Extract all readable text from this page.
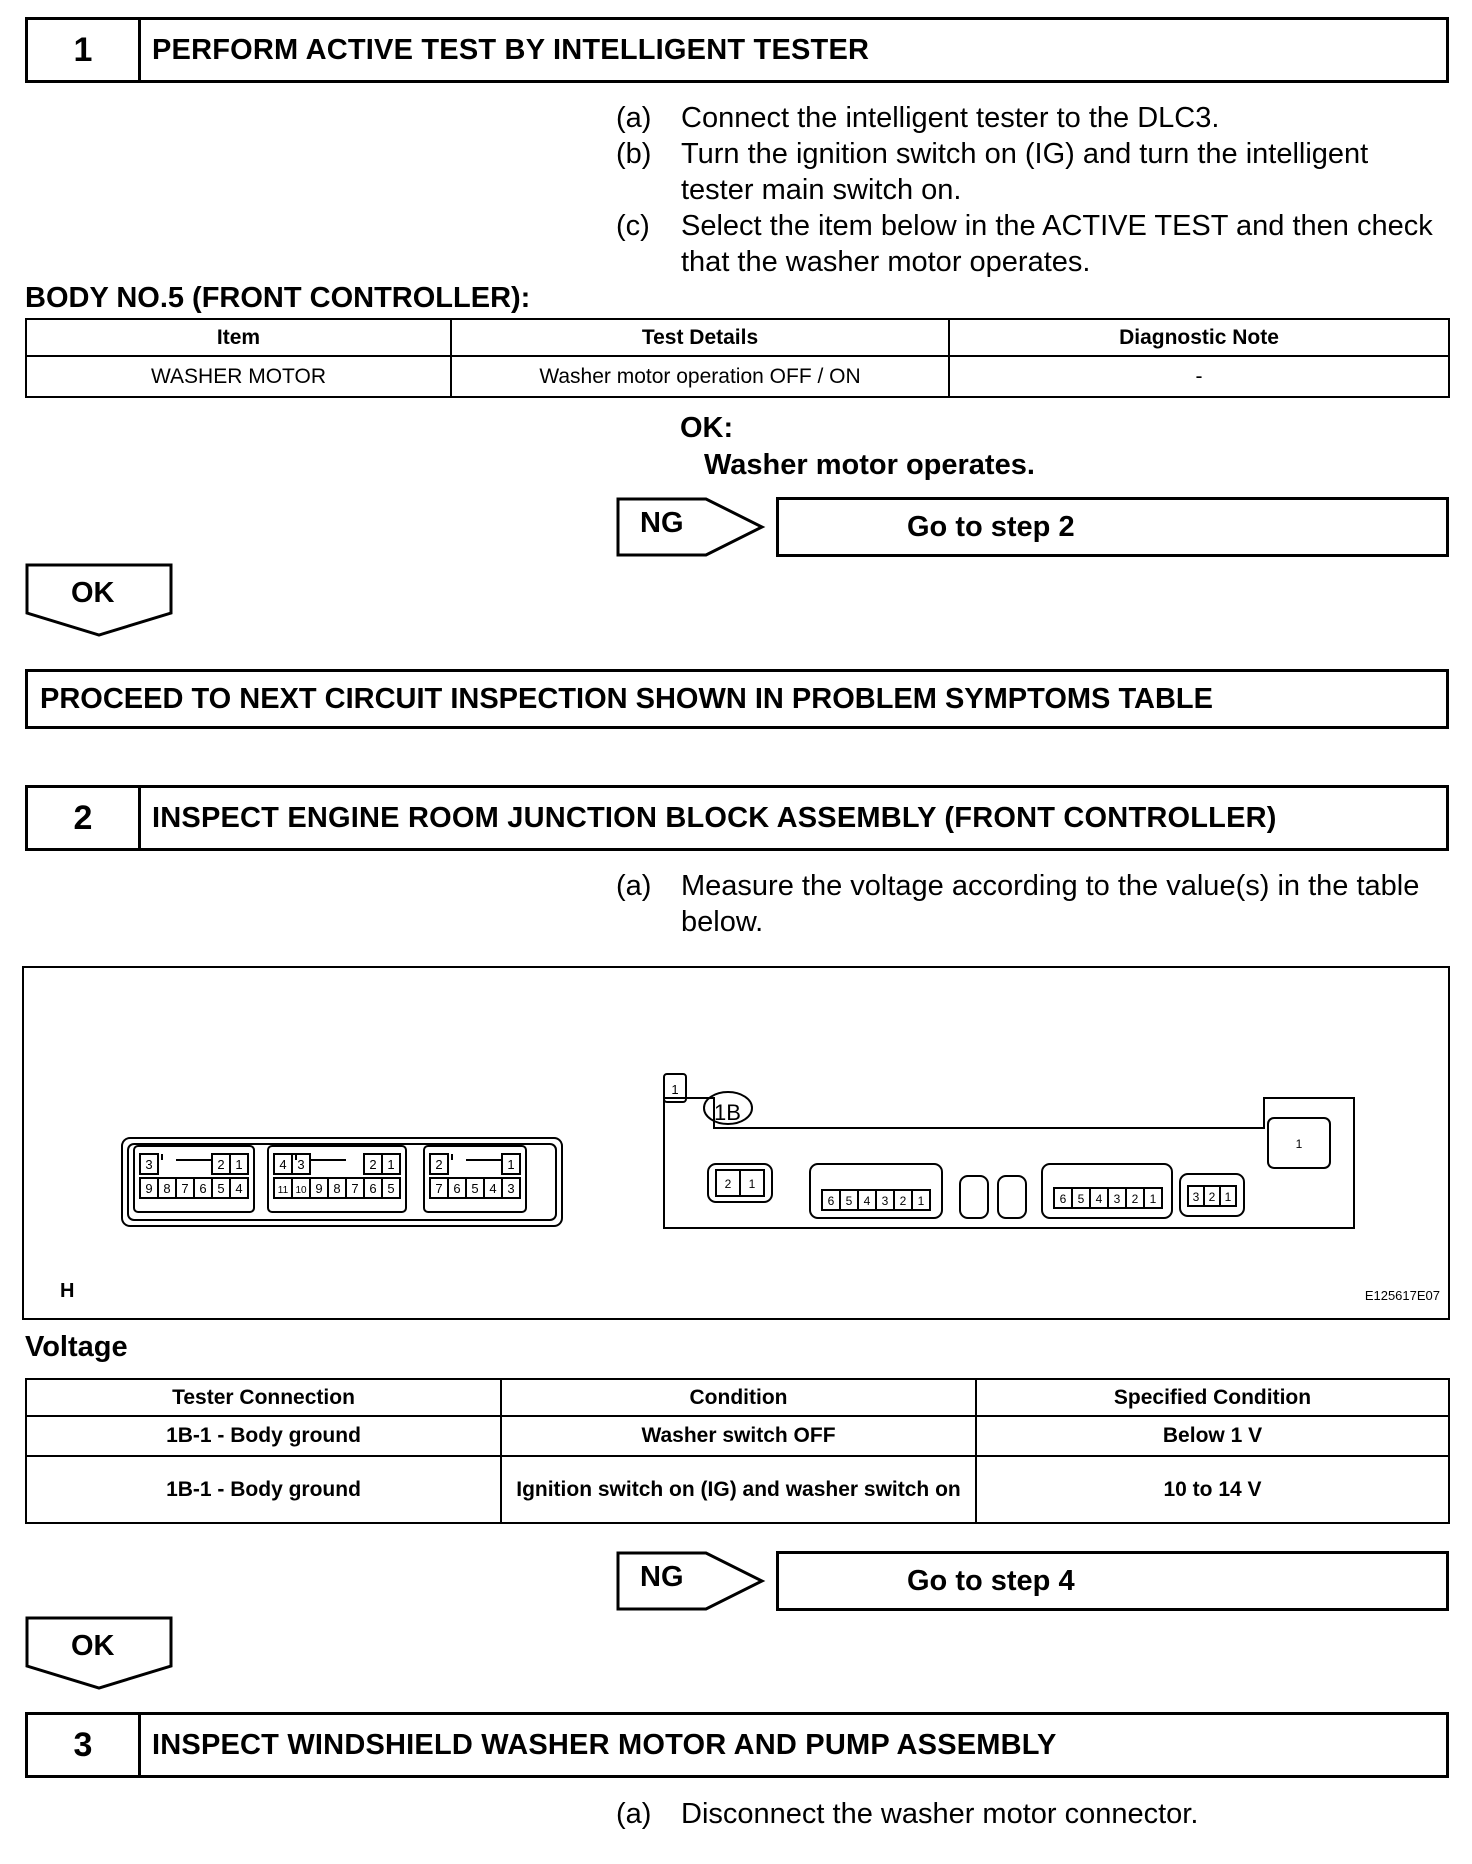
1	PERFORM ACTIVE TEST BY INTELLIGENT TESTER
(a)	Connect the intelligent tester to the DLC3.
(b)	Turn the ignition switch on (IG) and turn the intelligent tester main switch on.
(c)	Select the item below in the ACTIVE TEST and then check that the washer motor operates.
BODY NO.5 (FRONT CONTROLLER):
Item	Test Details	Diagnostic Note
WASHER MOTOR	Washer motor operation OFF / ON	-
OK:
Washer motor operates.
NG	Go to step 2
OK
PROCEED TO NEXT CIRCUIT INSPECTION SHOWN IN PROBLEM SYMPTOMS TABLE
2	INSPECT ENGINE ROOM JUNCTION BLOCK ASSEMBLY (FRONT CONTROLLER)
(a)	Measure the voltage according to the value(s) in the table below.
3	2 1
9 8 7 6 5 4
4 3	2 1
11 10 9 8 7 6 5
2	1
7 6 5 4 3
1
2 1
6 5 4 3 2 1	6 5 4 3 2 1	3 2 1
1
H	E125617E07
1B
Voltage
Tester Connection	Condition	Specified Condition
1B-1 - Body ground	Washer switch OFF	Below 1 V
1B-1 - Body ground	Ignition switch on (IG) and washer switch on	10 to 14 V
NG	Go to step 4
OK
3	INSPECT WINDSHIELD WASHER MOTOR AND PUMP ASSEMBLY
(a)	Disconnect the washer motor connector.
